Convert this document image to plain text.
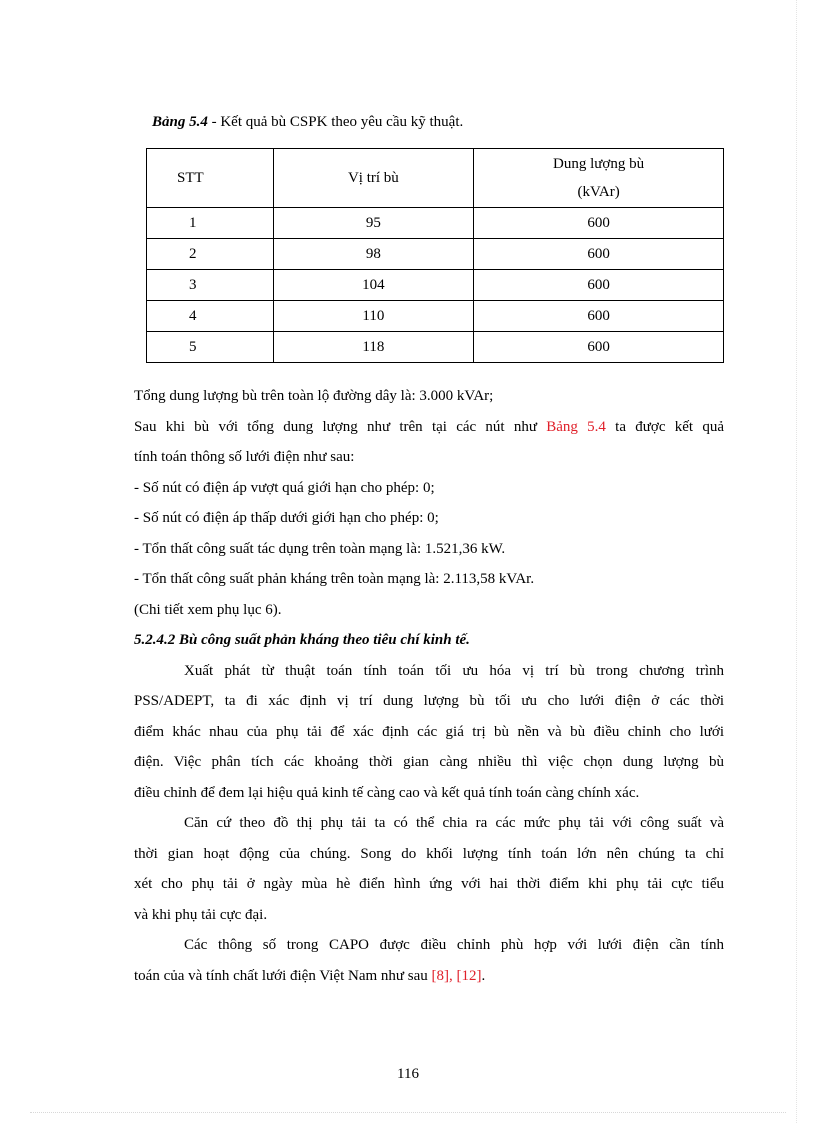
Bảng 5.4 - Kết quả bù CSPK theo yêu cầu kỹ thuật.
STT	Vị trí bù	Dung lượng bù
(kVAr)

1	95	600
2	98	600
3	104	600
4	110	600
5	118	600

Tổng dung lượng bù trên toàn lộ đường dây là: 3.000 kVAr;

Sau khi bù với tổng dung lượng như trên tại các nút như Bảng 5.4 ta được kết quả

tính toán thông số lưới điện như sau:

- Số nút có điện áp vượt quá giới hạn cho phép: 0;

- Số nút có điện áp thấp dưới giới hạn cho phép: 0;

- Tổn thất công suất tác dụng trên toàn mạng là: 1.521,36 kW.

- Tổn thất công suất phản kháng trên toàn mạng là: 2.113,58 kVAr.

(Chi tiết xem phụ lục 6).

5.2.4.2 Bù công suất phản kháng theo tiêu chí kinh tế.

Xuất phát từ thuật toán tính toán tối ưu hóa vị trí bù trong chương trình

PSS/ADEPT, ta đi xác định vị trí dung lượng bù tối ưu cho lưới điện ở các thời

điểm khác nhau của phụ tải để xác định các giá trị bù nền và bù điều chỉnh cho lưới

điện. Việc phân tích các khoảng thời gian càng nhiều thì việc chọn dung lượng bù

điều chỉnh để đem lại hiệu quả kinh tế càng cao và kết quả tính toán càng chính xác.

Căn cứ theo đồ thị phụ tải ta có thể chia ra các mức phụ tải với công suất và

thời gian hoạt động của chúng. Song do khối lượng tính toán lớn nên chúng ta chỉ

xét cho phụ tải ở ngày mùa hè điển hình ứng với hai thời điểm khi phụ tải cực tiểu

và khi phụ tải cực đại.

Các thông số trong CAPO được điều chỉnh phù hợp với lưới điện cần tính

toán của và tính chất lưới điện Việt Nam như sau [8], [12].

116
